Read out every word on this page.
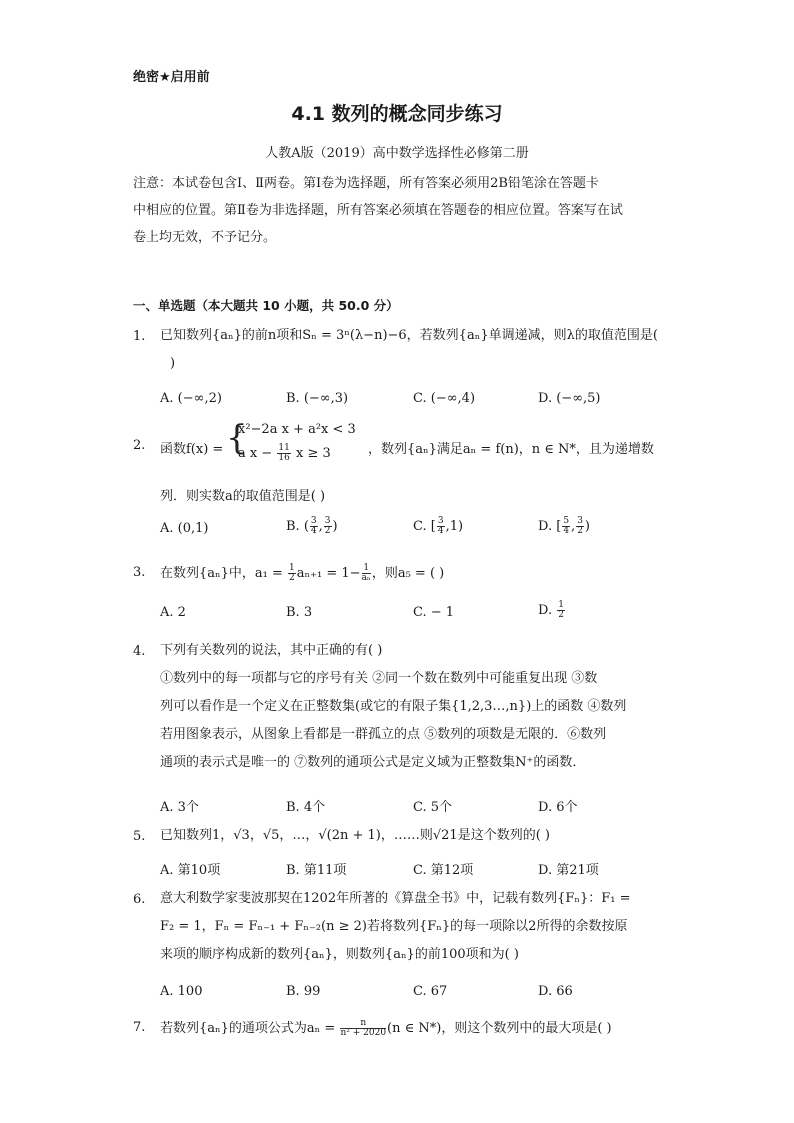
绝密★启用前
4.1 数列的概念同步练习
人教A版（2019）高中数学选择性必修第二册
注意：本试卷包含Ⅰ、Ⅱ两卷。第Ⅰ卷为选择题，所有答案必须用2B铅笔涂在答题卡
中相应的位置。第Ⅱ卷为非选择题，所有答案必须填在答题卷的相应位置。答案写在试
卷上均无效，不予记分。
一、单选题（本大题共 10 小题，共 50.0 分）
1. 已知数列{aₙ}的前n项和Sₙ = 3ⁿ(λ−n)−6，若数列{aₙ}单调递减，则λ的取值范围是(
)
A. (−∞,2)	B. (−∞,3)	C. (−∞,4)	D. (−∞,5)
2. 函数f(x) = {
x²−2a x + a²x < 3
a $x - \frac{11}{16}$ x ≥ 3	，数列{aₙ}满足aₙ = f(n)，n ∈ N*，且为递增数
列．则实数a的取值范围是( )
A. (0,1)	B. ( $\frac{3}{4}$ , $\frac{3}{2}$ )	C. [ $\frac{3}{4} ,1$)	D. [ $\frac{5}{4}$ , $\frac{3}{2}$ )
3. 在数列{aₙ}中，$a_1 = \frac{1}{2} a_{n+1} = 1- \frac{1}{\text{aₙ}}$ ，则a₅ = ( )
A. 2	B. 3	C. − 1	D. $\frac{1}{2}$
4. 下列有关数列的说法，其中正确的有( )
①数列中的每一项都与它的序号有关 ②同一个数在数列中可能重复出现 ③数
列可以看作是一个定义在正整数集(或它的有限子集{1,2,3…,n})上的函数 ④数列
若用图象表示，从图象上看都是一群孤立的点 ⑤数列的项数是无限的．⑥数列
通项的表示式是唯一的 ⑦数列的通项公式是定义域为正整数集N⁺的函数．
A. 3个	B. 4个	C. 5个	D. 6个
5. 已知数列1，√3，√5，…，√(2n + 1)，……则√21是这个数列的( )
A. 第10项	B. 第11项	C. 第12项	D. 第21项
6. 意大利数学家斐波那契在1202年所著的《算盘全书》中，记载有数列{Fₙ}：F₁ =
F₂ = 1，Fₙ = Fₙ₋₁ + Fₙ₋₂(n ≥ 2)若将数列{Fₙ}的每一项除以2所得的余数按原
来项的顺序构成新的数列{aₙ}，则数列{aₙ}的前100项和为( )
A. 100	B. 99	C. 67	D. 66
7. 若数列{aₙ}的通项公式为$a_n = \frac{n}{\text{n² + 2020}} (n$ ∈ N*)，则这个数列中的最大项是( )
